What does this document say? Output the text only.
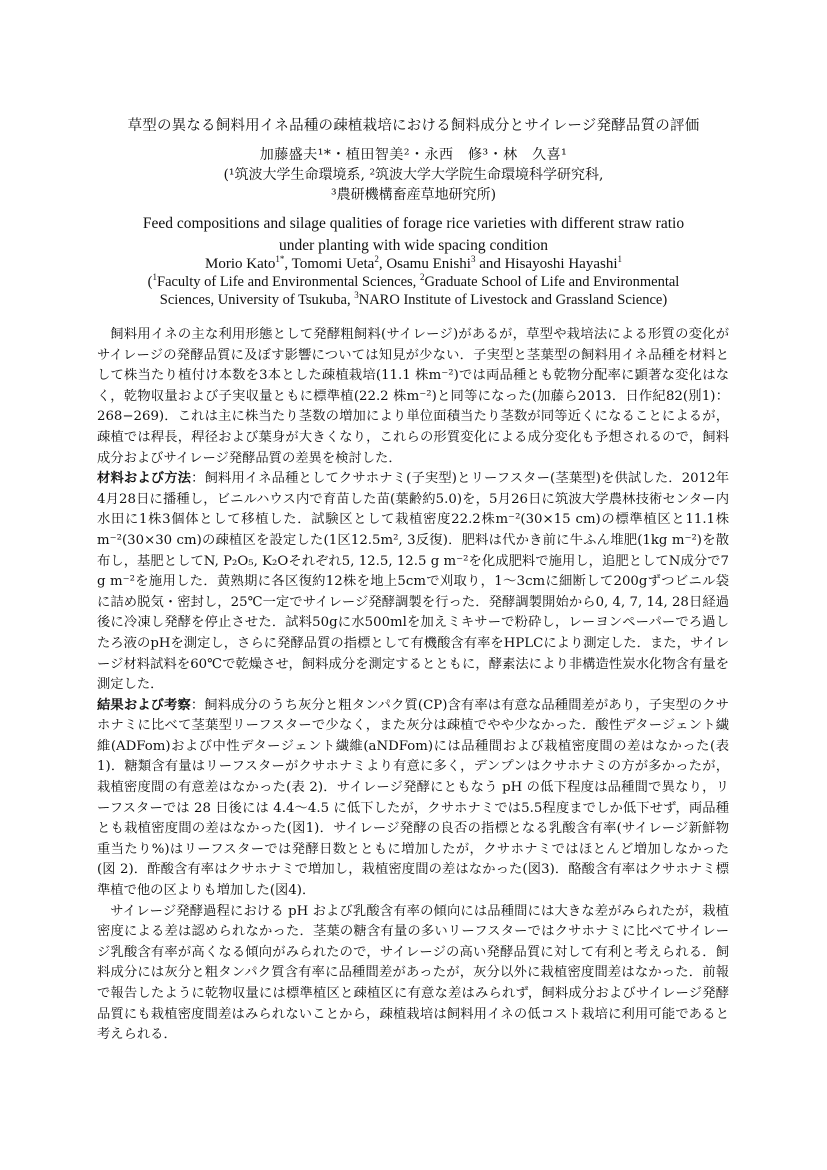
草型の異なる飼料用イネ品種の疎植栽培における飼料成分とサイレージ発酵品質の評価
加藤盛夫¹*・植田智美²・永西　修³・林　久喜¹
(¹筑波大学生命環境系, ²筑波大学大学院生命環境科学研究科,
³農研機構畜産草地研究所)
Feed compositions and silage qualities of forage rice varieties with different straw ratio
under planting with wide spacing condition
Morio Kato$^{1*}$, Tomomi Ueta$^2$, Osamu Enishi$^3$ and Hisayoshi Hayashi$^1$
($^1$Faculty of Life and Environmental Sciences, $^2$Graduate School of Life and Environmental
Sciences, University of Tsukuba, $^3$NARO Institute of Livestock and Grassland Science)

飼料用イネの主な利用形態として発酵粗飼料(サイレージ)があるが，草型や栽培法による形質の変化がサイレージの発酵品質に及ぼす影響については知見が少ない．子実型と茎葉型の飼料用イネ品種を材料として株当たり植付け本数を3本とした疎植栽培(11.1 株m⁻²)では両品種とも乾物分配率に顕著な変化はなく，乾物収量および子実収量ともに標準植(22.2 株m⁻²)と同等になった(加藤ら2013．日作紀82(別1)：268−269)．これは主に株当たり茎数の増加により単位面積当たり茎数が同等近くになることによるが，疎植では稈長，稈径および葉身が大きくなり，これらの形質変化による成分変化も予想されるので，飼料成分およびサイレージ発酵品質の差異を検討した．

材料および方法：飼料用イネ品種としてクサホナミ(子実型)とリーフスター(茎葉型)を供試した．2012年4月28日に播種し，ビニルハウス内で育苗した苗(葉齢約5.0)を，5月26日に筑波大学農林技術センター内水田に1株3個体として移植した．試験区として栽植密度22.2株m⁻²(30×15 cm)の標準植区と11.1株m⁻²(30×30 cm)の疎植区を設定した(1区12.5m², 3反復)．肥料は代かき前に牛ふん堆肥(1kg m⁻²)を散布し，基肥としてN, P₂O₅, K₂Oそれぞれ5, 12.5, 12.5 g m⁻²を化成肥料で施用し，追肥としてN成分で7 g m⁻²を施用した．黄熟期に各区復約12株を地上5cmで刈取り，1〜3cmに細断して200gずつビニル袋に詰め脱気・密封し，25℃一定でサイレージ発酵調製を行った．発酵調製開始から0, 4, 7, 14, 28日経過後に冷凍し発酵を停止させた．試料50gに水500mlを加えミキサーで粉砕し，レーヨンペーパーでろ過したろ液のpHを測定し，さらに発酵品質の指標として有機酸含有率をHPLCにより測定した．また，サイレージ材料試料を60℃で乾燥させ，飼料成分を測定するとともに，酵素法により非構造性炭水化物含有量を測定した．

結果および考察：飼料成分のうち灰分と粗タンパク質(CP)含有率は有意な品種間差があり，子実型のクサホナミに比べて茎葉型リーフスターで少なく，また灰分は疎植でやや少なかった．酸性デタージェント繊維(ADFom)および中性デタージェント繊維(aNDFom)には品種間および栽植密度間の差はなかった(表1)．糖類含有量はリーフスターがクサホナミより有意に多く，デンプンはクサホナミの方が多かったが，栽植密度間の有意差はなかった(表 2)．サイレージ発酵にともなう pH の低下程度は品種間で異なり，リーフスターでは 28 日後には 4.4〜4.5 に低下したが，クサホナミでは5.5程度までしか低下せず，両品種とも栽植密度間の差はなかった(図1)．サイレージ発酵の良否の指標となる乳酸含有率(サイレージ新鮮物重当たり%)はリーフスターでは発酵日数とともに増加したが，クサホナミではほとんど増加しなかった(図 2)．酢酸含有率はクサホナミで増加し，栽植密度間の差はなかった(図3)．酪酸含有率はクサホナミ標準植で他の区よりも増加した(図4)．

サイレージ発酵過程における pH および乳酸含有率の傾向には品種間には大きな差がみられたが，栽植密度による差は認められなかった．茎葉の糖含有量の多いリーフスターではクサホナミに比べてサイレージ乳酸含有率が高くなる傾向がみられたので，サイレージの高い発酵品質に対して有利と考えられる．飼料成分には灰分と粗タンパク質含有率に品種間差があったが，灰分以外に栽植密度間差はなかった．前報で報告したように乾物収量には標準植区と疎植区に有意な差はみられず，飼料成分およびサイレージ発酵品質にも栽植密度間差はみられないことから，疎植栽培は飼料用イネの低コスト栽培に利用可能であると考えられる．
